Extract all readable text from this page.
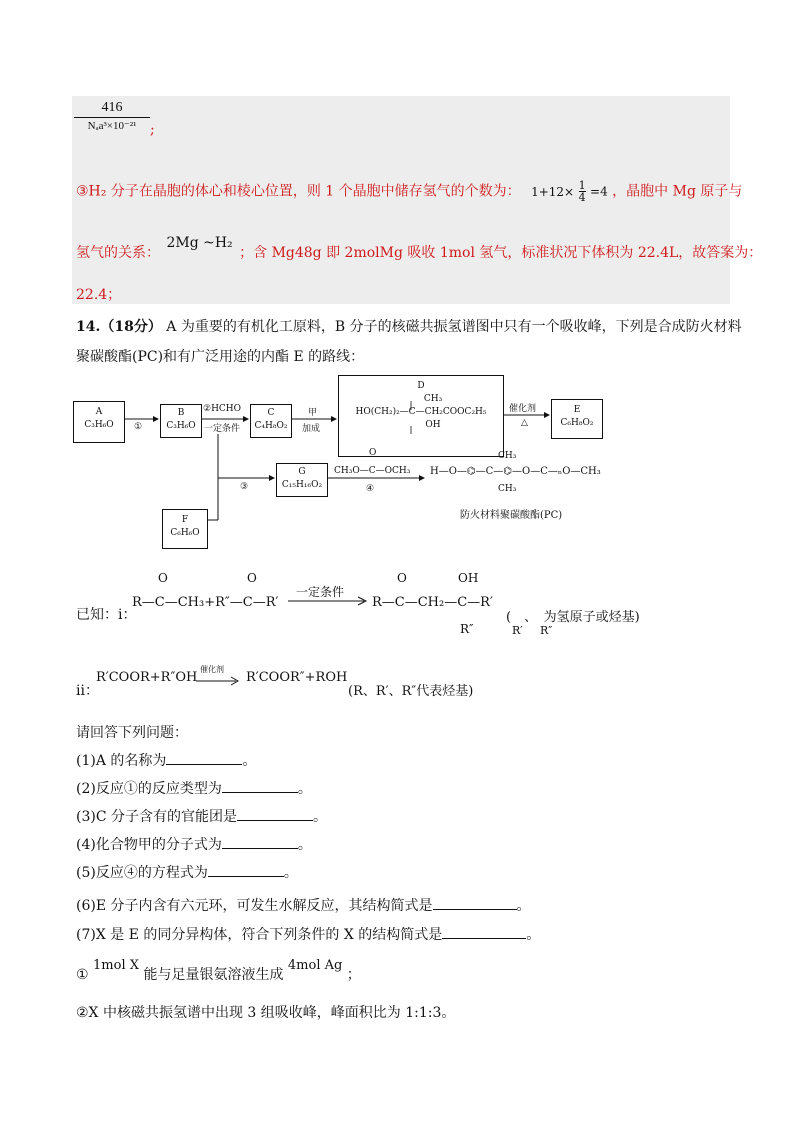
416
Nₐa³×10⁻²¹ ;
③H₂ 分子在晶胞的体心和棱心位置，则 1 个晶胞中储存氢气的个数为： $1+12\times \frac{1}{4} =4$ ，晶胞中 Mg 原子与
氢气的关系： 2Mg ~H₂ ；含 Mg48g 即 2molMg 吸收 1mol 氢气，标准状况下体积为 22.4L，故答案为：
22.4；
14.（18分） A 为重要的有机化工原料，B 分子的核磁共振氢谱图中只有一个吸收峰，下列是合成防火材料
聚碳酸酯(PC)和有广泛用途的内酯 E 的路线：
A
C₃H₆O
B
C₃H₆O
C
C₄H₈O₂
D
CH₃
HO(CH₂)₂—C—CH₂COOC₂H₅
OH
E
C₆H₈O₂
G
C₁₅H₁₆O₂
F
C₆H₆O
①
②HCHO
一定条件
甲
加成
催化剂
△
③	④
O
CH₃O—C—OCH₃
CH₃
H—O—⌬—C—⌬—O—C—ₙO—CH₃
CH₃
防火材料聚碳酸酯(PC)
已知：i：
O	O
R—C—CH₃+R″—C—R′
一定条件
O	OH
R—C—CH₂—C—R′
R″
(　、　为氢原子或烃基)
R′ R″
ii：
R′COOR+R″OH
催化剂
R′COOR″+ROH
(R、R′、R″代表烃基)
请回答下列问题：
(1)A 的名称为	。
(2)反应①的反应类型为	。
(3)C 分子含有的官能团是	。
(4)化合物甲的分子式为	。
(5)反应④的方程式为	。
(6)E 分子内含有六元环，可发生水解反应，其结构简式是	。
(7)X 是 E 的同分异构体，符合下列条件的 X 的结构简式是	。
① 1mol X 能与足量银氨溶液生成 4mol Ag ；
②X 中核磁共振氢谱中出现 3 组吸收峰，峰面积比为 1:1:3。
